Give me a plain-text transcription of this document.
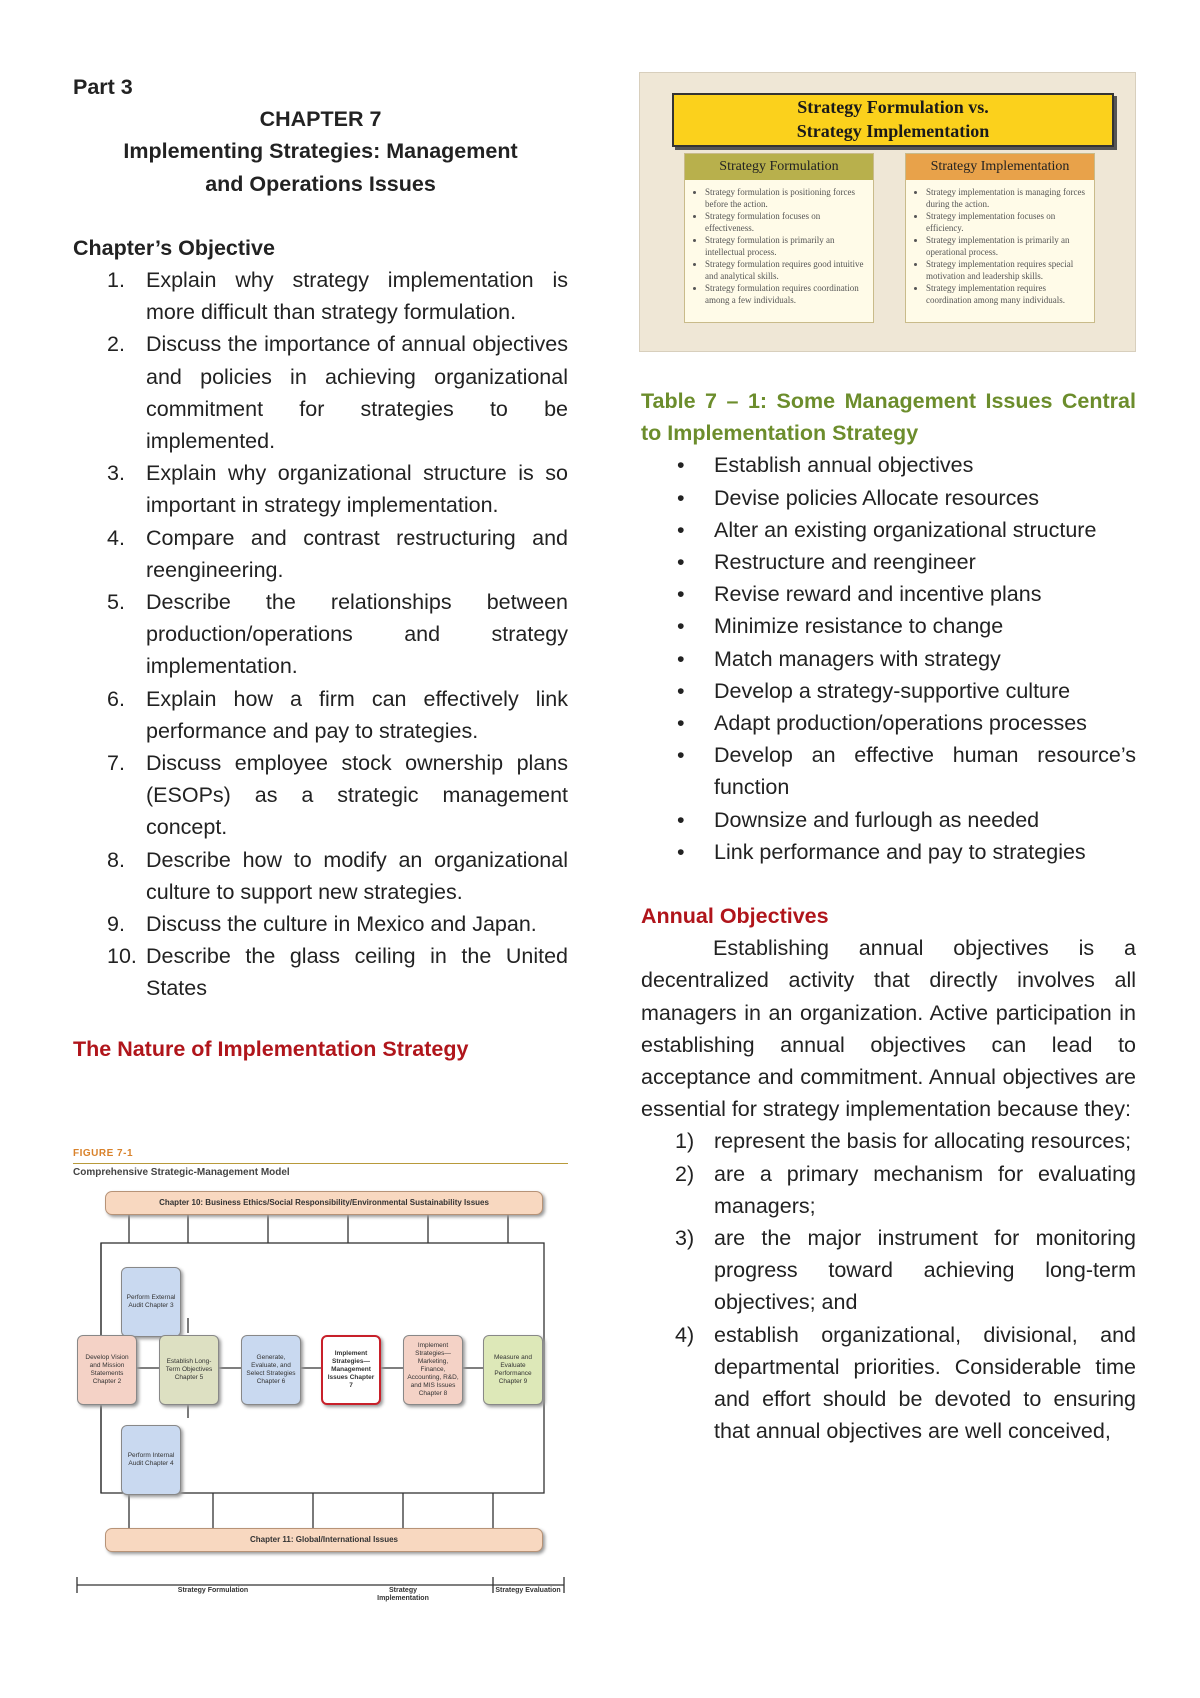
Part 3
CHAPTER 7
Implementing Strategies: Management
and Operations Issues
Chapter’s Objective
1. Explain why strategy implementation is more difficult than strategy formulation.
2. Discuss the importance of annual objectives and policies in achieving organizational commitment for strategies to be implemented.
3. Explain why organizational structure is so important in strategy implementation.
4. Compare and contrast restructuring and reengineering.
5. Describe the relationships between production/operations and strategy implementation.
6. Explain how a firm can effectively link performance and pay to strategies.
7. Discuss employee stock ownership plans (ESOPs) as a strategic management concept.
8. Describe how to modify an organizational culture to support new strategies.
9. Discuss the culture in Mexico and Japan.
10. Describe the glass ceiling in the United States
The Nature of Implementation Strategy
FIGURE 7-1
Comprehensive Strategic-Management Model
Chapter 10: Business Ethics/Social Responsibility/Environmental Sustainability Issues
Chapter 11: Global/International Issues
Perform External Audit Chapter 3
Perform Internal Audit Chapter 4
Develop Vision and Mission Statements Chapter 2
Establish Long-Term Objectives Chapter 5
Generate, Evaluate, and Select Strategies Chapter 6
Implement Strategies— Management Issues Chapter 7
Implement Strategies— Marketing, Finance, Accounting, R&D, and MIS Issues Chapter 8
Measure and Evaluate Performance Chapter 9
Strategy Formulation	Strategy Implementation
Strategy Evaluation
Strategy Formulation vs.
Strategy Implementation
Strategy Formulation
• Strategy formulation is positioning forces before the action.
• Strategy formulation focuses on effectiveness.
• Strategy formulation is primarily an intellectual process.
• Strategy formulation requires good intuitive and analytical skills.
• Strategy formulation requires coordination among a few individuals.
Strategy Implementation
• Strategy implementation is managing forces during the action.
• Strategy implementation focuses on efficiency.
• Strategy implementation is primarily an operational process.
• Strategy implementation requires special motivation and leadership skills.
• Strategy implementation requires coordination among many individuals.
Table 7 – 1: Some Management Issues Central to Implementation Strategy
• Establish annual objectives
• Devise policies Allocate resources
• Alter an existing organizational structure
• Restructure and reengineer
• Revise reward and incentive plans
• Minimize resistance to change
• Match managers with strategy
• Develop a strategy-supportive culture
• Adapt production/operations processes
• Develop an effective human resource’s function
• Downsize and furlough as needed
• Link performance and pay to strategies
Annual Objectives
Establishing annual objectives is a decentralized activity that directly involves all managers in an organization. Active participation in establishing annual objectives can lead to acceptance and commitment. Annual objectives are essential for strategy implementation because they:
1) represent the basis for allocating resources;
2) are a primary mechanism for evaluating managers;
3) are the major instrument for monitoring progress toward achieving long-term objectives; and
4) establish organizational, divisional, and departmental priorities. Considerable time and effort should be devoted to ensuring that annual objectives are well conceived,
